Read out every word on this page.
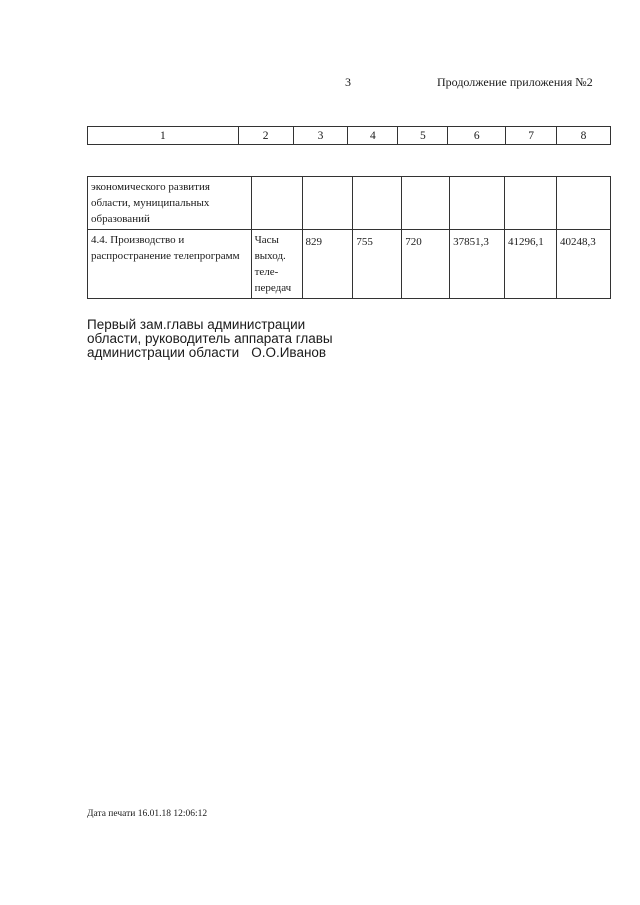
3	Продолжение приложения №2
1	2	3	4	5	6	7	8
экономического развития области, муниципальных образований							
4.4. Производство и распространение телепрограмм	Часы выход. теле-передач	829	755	720	37851,3	41296,1	40248,3
Первый зам.главы администрации
области, руководитель аппарата главы
администрации области О.О.Иванов
Дата печати 16.01.18 12:06:12
